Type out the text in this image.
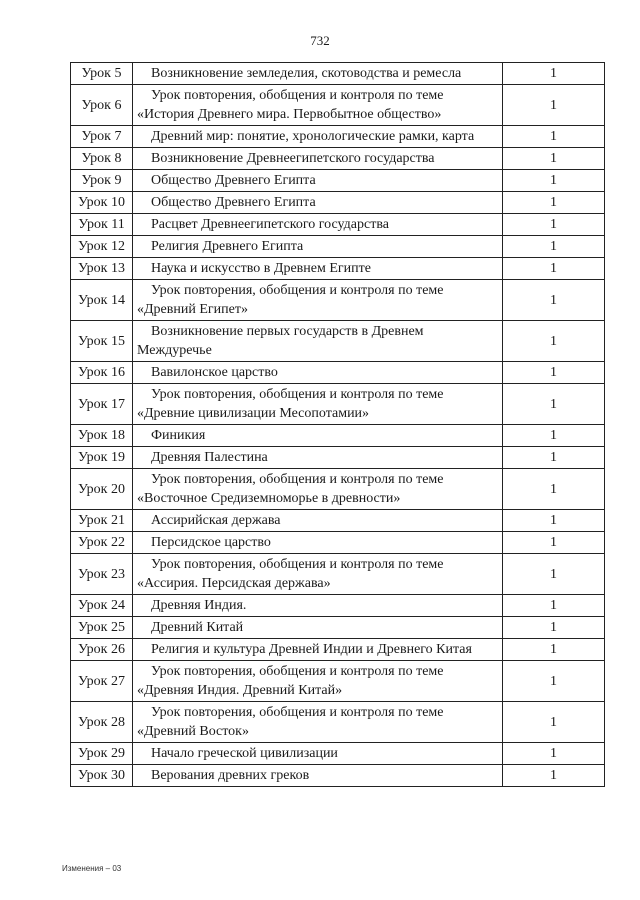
732
Урок 5	Возникновение земледелия, скотоводства и ремесла	1
Урок 6	Урок повторения, обобщения и контроля по теме «История Древнего мира. Первобытное общество»	1
Урок 7	Древний мир: понятие, хронологические рамки, карта	1
Урок 8	Возникновение Древнеегипетского государства	1
Урок 9	Общество Древнего Египта	1
Урок 10	Общество Древнего Египта	1
Урок 11	Расцвет Древнеегипетского государства	1
Урок 12	Религия Древнего Египта	1
Урок 13	Наука и искусство в Древнем Египте	1
Урок 14	Урок повторения, обобщения и контроля по теме «Древний Египет»	1
Урок 15	Возникновение первых государств в Древнем Междуречье	1
Урок 16	Вавилонское царство	1
Урок 17	Урок повторения, обобщения и контроля по теме «Древние цивилизации Месопотамии»	1
Урок 18	Финикия	1
Урок 19	Древняя Палестина	1
Урок 20	Урок повторения, обобщения и контроля по теме «Восточное Средиземноморье в древности»	1
Урок 21	Ассирийская держава	1
Урок 22	Персидское царство	1
Урок 23	Урок повторения, обобщения и контроля по теме «Ассирия. Персидская держава»	1
Урок 24	Древняя Индия.	1
Урок 25	Древний Китай	1
Урок 26	Религия и культура Древней Индии и Древнего Китая	1
Урок 27	Урок повторения, обобщения и контроля по теме «Древняя Индия. Древний Китай»	1
Урок 28	Урок повторения, обобщения и контроля по теме «Древний Восток»	1
Урок 29	Начало греческой цивилизации	1
Урок 30	Верования древних греков	1
Изменения – 03
